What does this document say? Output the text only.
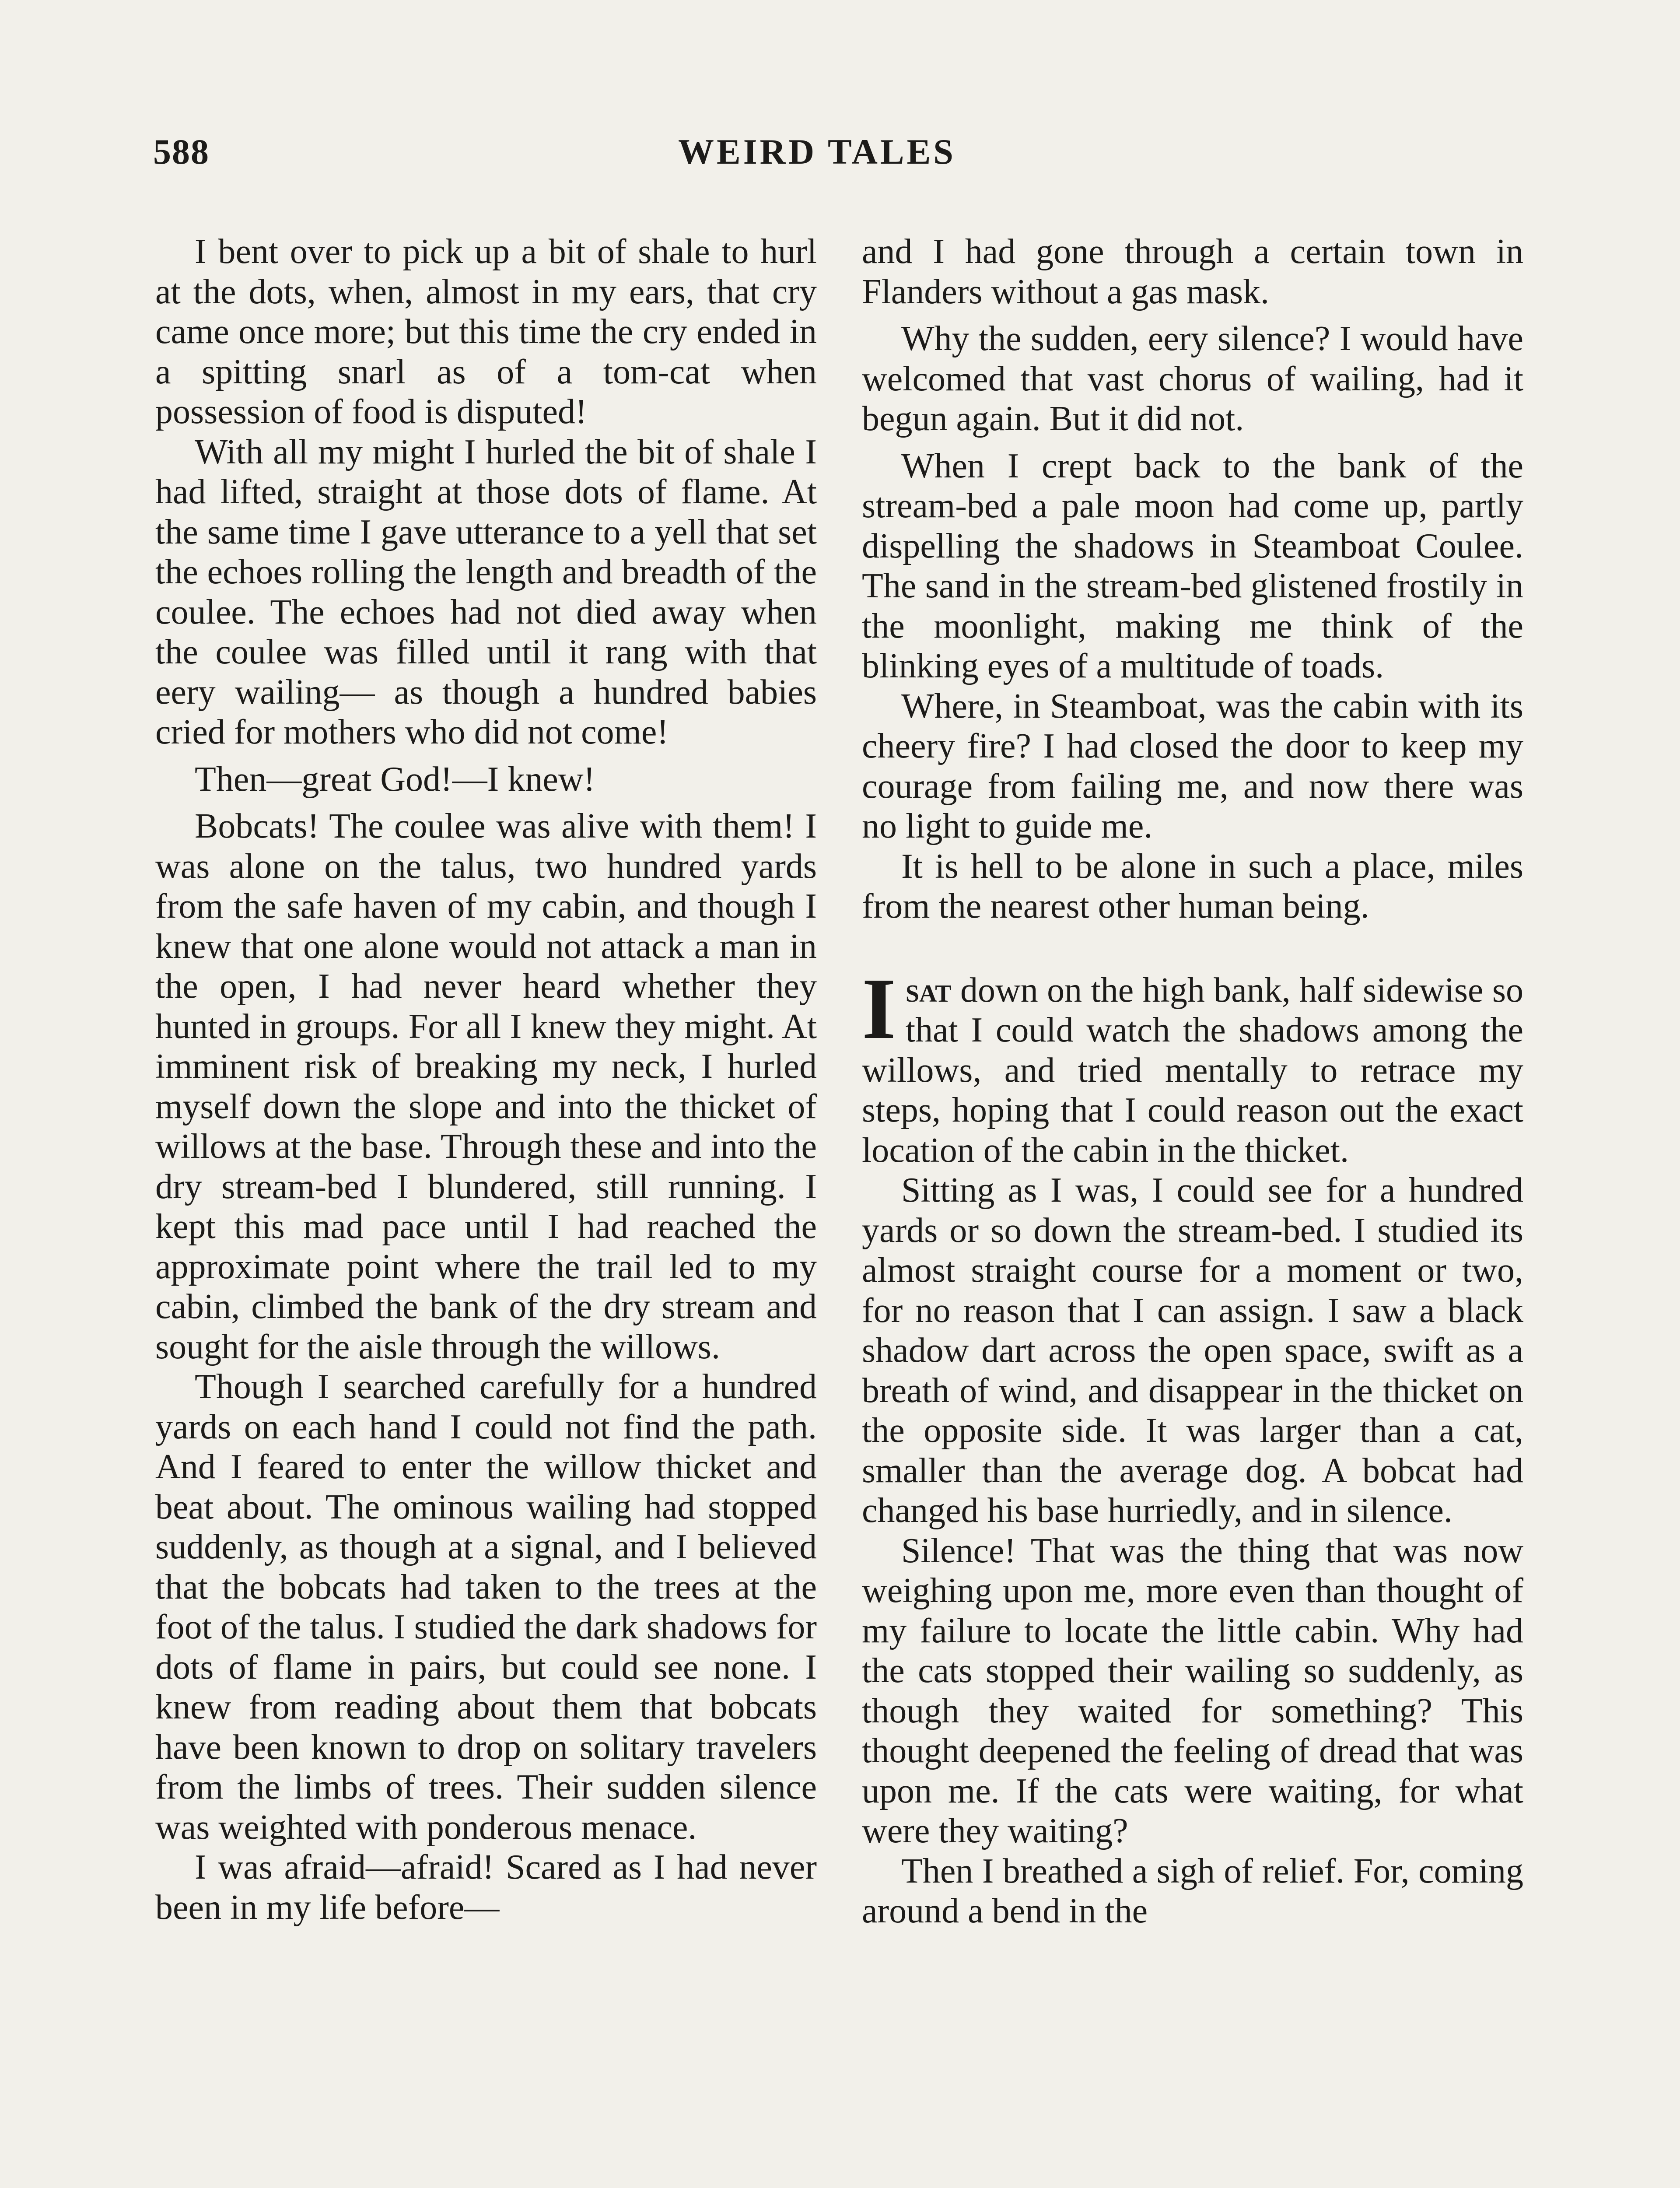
588	WEIRD TALES

I bent over to pick up a bit of shale to hurl at the dots, when, almost in my ears, that cry came once more; but this time the cry ended in a spitting snarl as of a tom-cat when possession of food is disputed!

With all my might I hurled the bit of shale I had lifted, straight at those dots of flame. At the same time I gave utterance to a yell that set the echoes rolling the length and breadth of the coulee. The echoes had not died away when the coulee was filled until it rang with that eery wailing— as though a hundred babies cried for mothers who did not come!

Then—great God!—I knew!

Bobcats! The coulee was alive with them! I was alone on the talus, two hundred yards from the safe haven of my cabin, and though I knew that one alone would not attack a man in the open, I had never heard whether they hunted in groups. For all I knew they might. At imminent risk of breaking my neck, I hurled myself down the slope and into the thicket of willows at the base. Through these and into the dry stream-bed I blundered, still running. I kept this mad pace until I had reached the approximate point where the trail led to my cabin, climbed the bank of the dry stream and sought for the aisle through the willows.

Though I searched carefully for a hundred yards on each hand I could not find the path. And I feared to enter the willow thicket and beat about. The ominous wailing had stopped suddenly, as though at a signal, and I believed that the bobcats had taken to the trees at the foot of the talus. I studied the dark shadows for dots of flame in pairs, but could see none. I knew from reading about them that bobcats have been known to drop on solitary travelers from the limbs of trees. Their sudden silence was weighted with ponderous menace.

I was afraid—afraid! Scared as I had never been in my life before—

and I had gone through a certain town in Flanders without a gas mask.

Why the sudden, eery silence? I would have welcomed that vast chorus of wailing, had it begun again. But it did not.

When I crept back to the bank of the stream-bed a pale moon had come up, partly dispelling the shadows in Steamboat Coulee. The sand in the stream-bed glistened frostily in the moonlight, making me think of the blinking eyes of a multitude of toads.

Where, in Steamboat, was the cabin with its cheery fire? I had closed the door to keep my courage from failing me, and now there was no light to guide me.

It is hell to be alone in such a place, miles from the nearest other human being.

Isat down on the high bank, half sidewise so that I could watch the shadows among the willows, and tried mentally to retrace my steps, hoping that I could reason out the exact location of the cabin in the thicket.

Sitting as I was, I could see for a hundred yards or so down the stream-bed. I studied its almost straight course for a moment or two, for no reason that I can assign. I saw a black shadow dart across the open space, swift as a breath of wind, and disappear in the thicket on the opposite side. It was larger than a cat, smaller than the average dog. A bobcat had changed his base hurriedly, and in silence.

Silence! That was the thing that was now weighing upon me, more even than thought of my failure to locate the little cabin. Why had the cats stopped their wailing so suddenly, as though they waited for something? This thought deepened the feeling of dread that was upon me. If the cats were waiting, for what were they waiting?

Then I breathed a sigh of relief. For, coming around a bend in the
